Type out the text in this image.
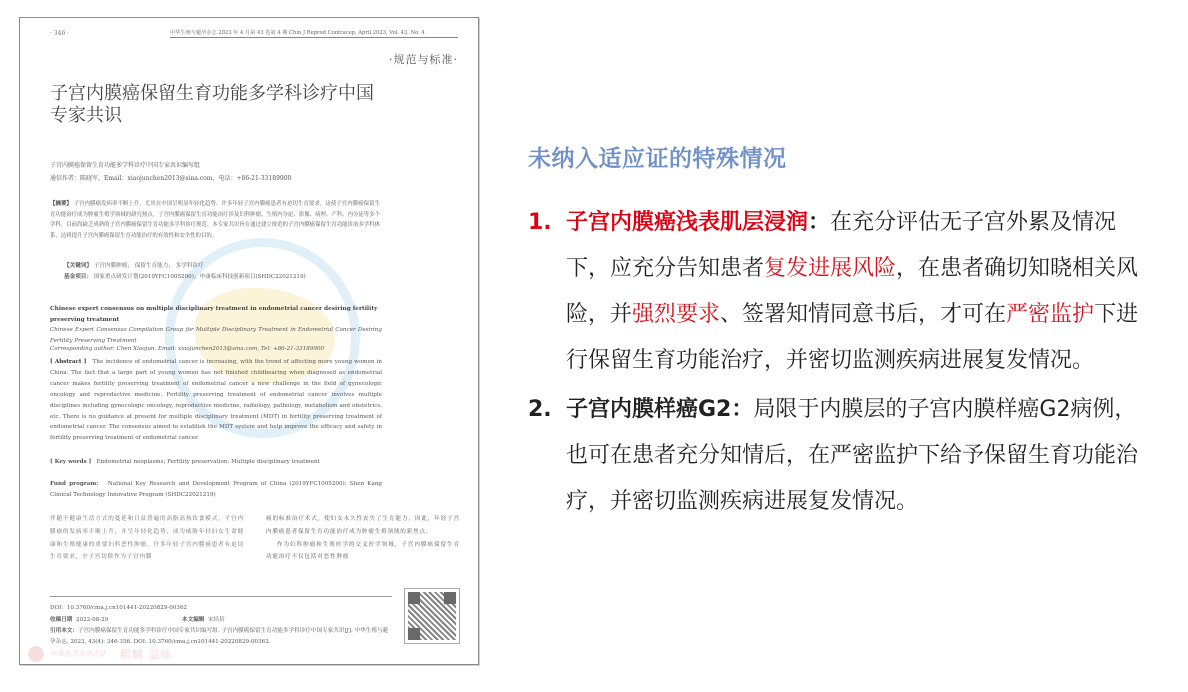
· 346 ·	中华生殖与避孕杂志 2023 年 4 月第 43 卷第 4 期 Chin J Reprod Contracep, April 2023, Vol. 43, No. 4
·规范与标准·
子宫内膜癌保留生育功能多学科诊疗中国专家共识
子宫内膜癌保留生育功能多学科诊疗中国专家共识编写组
通信作者：陈晓军，Email：xiaojunchen2013@sina.com，电话：+86-21-33189900
【摘要】 子宫内膜癌发病率不断上升，尤其在中国呈明显年轻化趋势。许多年轻子宫内膜癌患者有迫切生育要求，这使子宫内膜癌保留生育功能治疗成为肿瘤生殖学领域的研究热点。子宫内膜癌保留生育功能治疗涉及妇科肿瘤、生殖内分泌、影像、病理、产科、内分泌等多个学科，目前尚缺乏成熟的子宫内膜癌保留生育功能多学科诊疗规范。本专家共识旨在通过建立规范的子宫内膜癌保留生育功能诊治多学科体系，达到提升子宫内膜癌保留生育功能治疗的有效性和安全性的目的。
【关键词】 子宫内膜肿瘤； 保留生育能力； 多学科诊疗
基金项目： 国家重点研发计划(2019YFC1005200)；申康临床科技创新项目(SHDC22021219)
Chinese expert consensus on multiple disciplinary treatment in endometrial cancer desiring fertility preserving treatment
Chinese Expert Consensus Compilation Group for Multiple Disciplinary Treatment in Endometrial Cancer Desiring Fertility Preserving Treatment
Corresponding author: Chen Xiaojun, Email: xiaojunchen2013@sina.com, Tel: +86-21-33189900
[ Abstract ] The incidence of endometrial cancer is increasing, with the trend of affecting more young women in China. The fact that a large part of young women has not finished childbearing when diagnosed as endometrial cancer makes fertility preserving treatment of endometrial cancer a new challenge in the field of gynecologic oncology and reproductive medicine. Fertility preserving treatment of endometrial cancer involves multiple disciplines including gynecologic oncology, reproductive medicine, radiology, pathology, metabolism and obstetrics, etc. There is no guidance at present for multiple disciplinary treatment (MDT) in fertility preserving treatment of endometrial cancer. The consensus aimed to establish the MDT system and help improve the efficacy and safety in fertility preserving treatment of endometrial cancer.
[ Key words ] Endometrial neoplasms; Fertility preservation; Multiple disciplinary treatment
Fund program: National Key Research and Development Program of China (2019YFC1005200); Shen Kang Clinical Technology Innovative Program (SHDC22021219)
伴随不健康生活方式的蔓延和日益普遍的高脂高热饮食模式，子宫内膜癌的发病率不断上升，并呈年轻化趋势，成为威胁年轻妇女生命健康和生殖健康的重要妇科恶性肿瘤。许多年轻子宫内膜癌患者有迫切生育要求，全子宫切除作为子宫内膜
癌的标准治疗术式，使妇女永久性丧失了生育能力，因此，年轻子宫内膜癌患者保留生育功能治疗成为肿瘤生殖领域的新焦点。
作为妇科肿瘤和生殖医学的交叉医学领域，子宫内膜癌保留生育功能治疗不仅包括对恶性肿瘤
DOI：10.3760/cma.j.cn101441-20220829-00362
收稿日期 2022-08-29	本文编辑 宋培培
引用本文：子宫内膜癌保留生育功能多学科诊疗中国专家共识编写组. 子宫内膜癌保留生育功能多学科诊疗中国专家共识[J]. 中华生殖与避孕杂志, 2023, 43(4): 346-356. DOI: 10.3760/cma.j.cn101441-20220829-00362.
中华医学会杂志社 麒麟 溢脉
未纳入适应证的特殊情况
1. 子宫内膜癌浅表肌层浸润：在充分评估无子宫外累及情况下，应充分告知患者复发进展风险，在患者确切知晓相关风险，并强烈要求、签署知情同意书后，才可在严密监护下进行保留生育功能治疗，并密切监测疾病进展复发情况。
2. 子宫内膜样癌G2：局限于内膜层的子宫内膜样癌G2病例，也可在患者充分知情后，在严密监护下给予保留生育功能治疗，并密切监测疾病进展复发情况。
